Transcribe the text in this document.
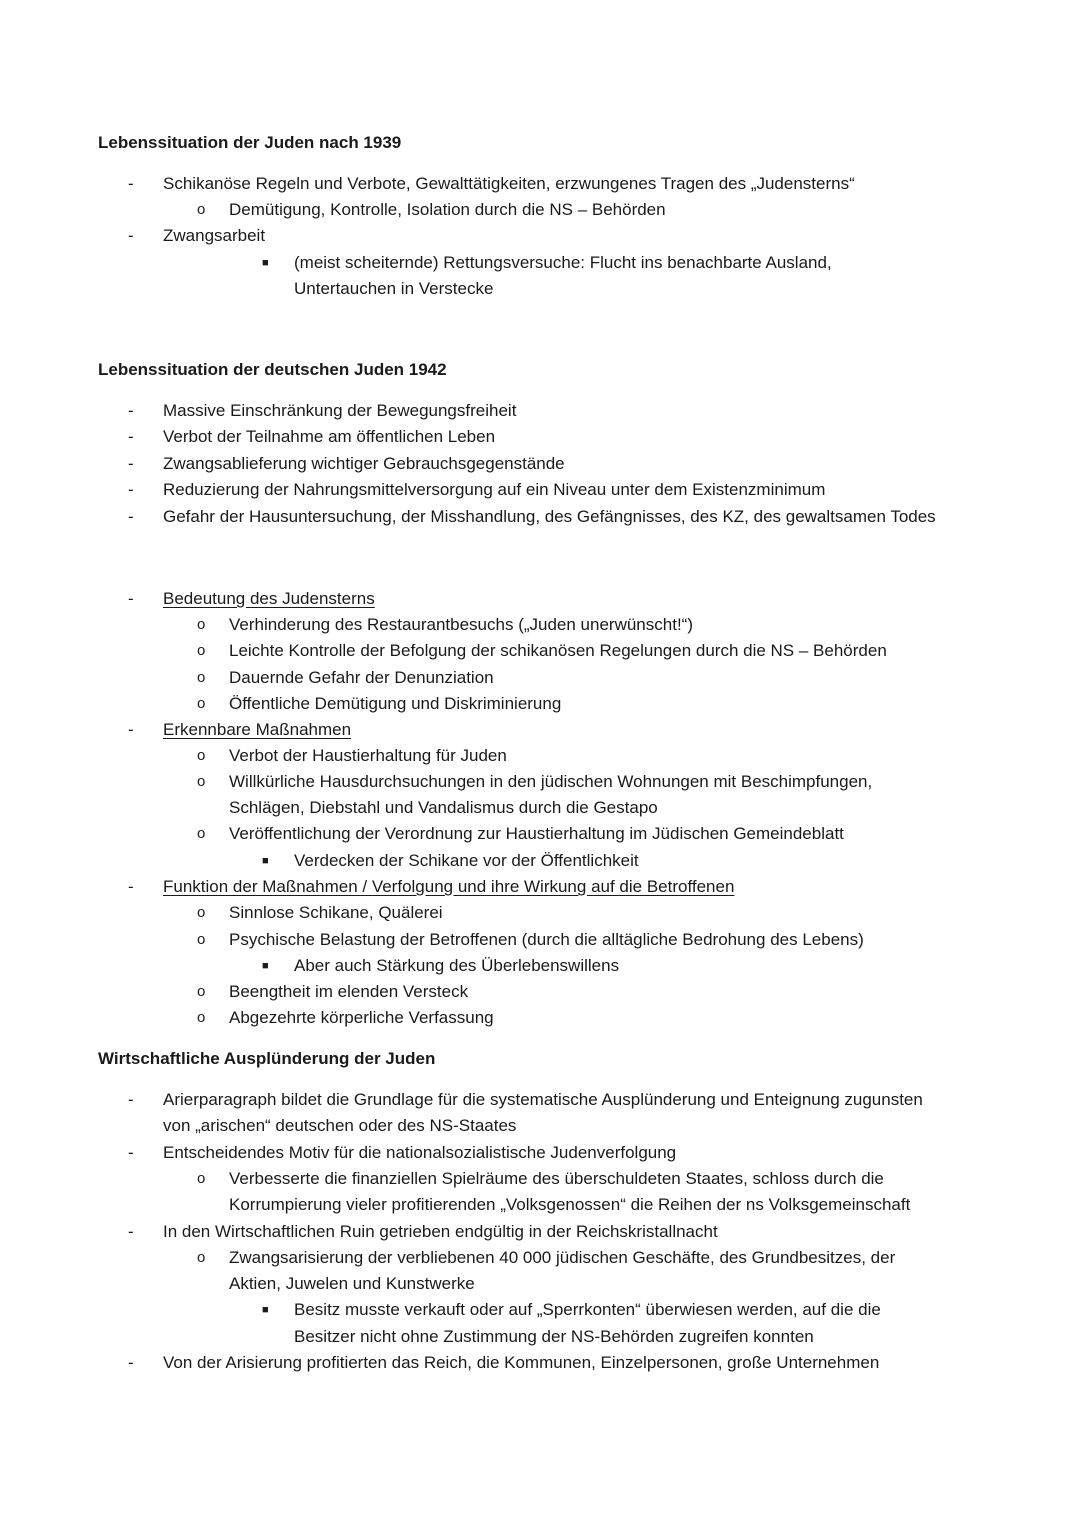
Lebenssituation der Juden nach 1939
- Schikanöse Regeln und Verbote, Gewalttätigkeiten, erzwungenes Tragen des „Judensterns“
o Demütigung, Kontrolle, Isolation durch die NS – Behörden
- Zwangsarbeit
■ (meist scheiternde) Rettungsversuche: Flucht ins benachbarte Ausland,
Untertauchen in Verstecke
Lebenssituation der deutschen Juden 1942
- Massive Einschränkung der Bewegungsfreiheit
- Verbot der Teilnahme am öffentlichen Leben
- Zwangsablieferung wichtiger Gebrauchsgegenstände
- Reduzierung der Nahrungsmittelversorgung auf ein Niveau unter dem Existenzminimum
- Gefahr der Hausuntersuchung, der Misshandlung, des Gefängnisses, des KZ, des gewaltsamen Todes
- Bedeutung des Judensterns
o Verhinderung des Restaurantbesuchs („Juden unerwünscht!“)
o Leichte Kontrolle der Befolgung der schikanösen Regelungen durch die NS – Behörden
o Dauernde Gefahr der Denunziation
o Öffentliche Demütigung und Diskriminierung
- Erkennbare Maßnahmen
o Verbot der Haustierhaltung für Juden
o Willkürliche Hausdurchsuchungen in den jüdischen Wohnungen mit Beschimpfungen,
Schlägen, Diebstahl und Vandalismus durch die Gestapo
o Veröffentlichung der Verordnung zur Haustierhaltung im Jüdischen Gemeindeblatt
■ Verdecken der Schikane vor der Öffentlichkeit
- Funktion der Maßnahmen / Verfolgung und ihre Wirkung auf die Betroffenen
o Sinnlose Schikane, Quälerei
o Psychische Belastung der Betroffenen (durch die alltägliche Bedrohung des Lebens)
■ Aber auch Stärkung des Überlebenswillens
o Beengtheit im elenden Versteck
o Abgezehrte körperliche Verfassung
Wirtschaftliche Ausplünderung der Juden
- Arierparagraph bildet die Grundlage für die systematische Ausplünderung und Enteignung zugunsten
von „arischen“ deutschen oder des NS-Staates
- Entscheidendes Motiv für die nationalsozialistische Judenverfolgung
o Verbesserte die finanziellen Spielräume des überschuldeten Staates, schloss durch die
Korrumpierung vieler profitierenden „Volksgenossen“ die Reihen der ns Volksgemeinschaft
- In den Wirtschaftlichen Ruin getrieben endgültig in der Reichskristallnacht
o Zwangsarisierung der verbliebenen 40 000 jüdischen Geschäfte, des Grundbesitzes, der
Aktien, Juwelen und Kunstwerke
■ Besitz musste verkauft oder auf „Sperrkonten“ überwiesen werden, auf die die
Besitzer nicht ohne Zustimmung der NS-Behörden zugreifen konnten
- Von der Arisierung profitierten das Reich, die Kommunen, Einzelpersonen, große Unternehmen
